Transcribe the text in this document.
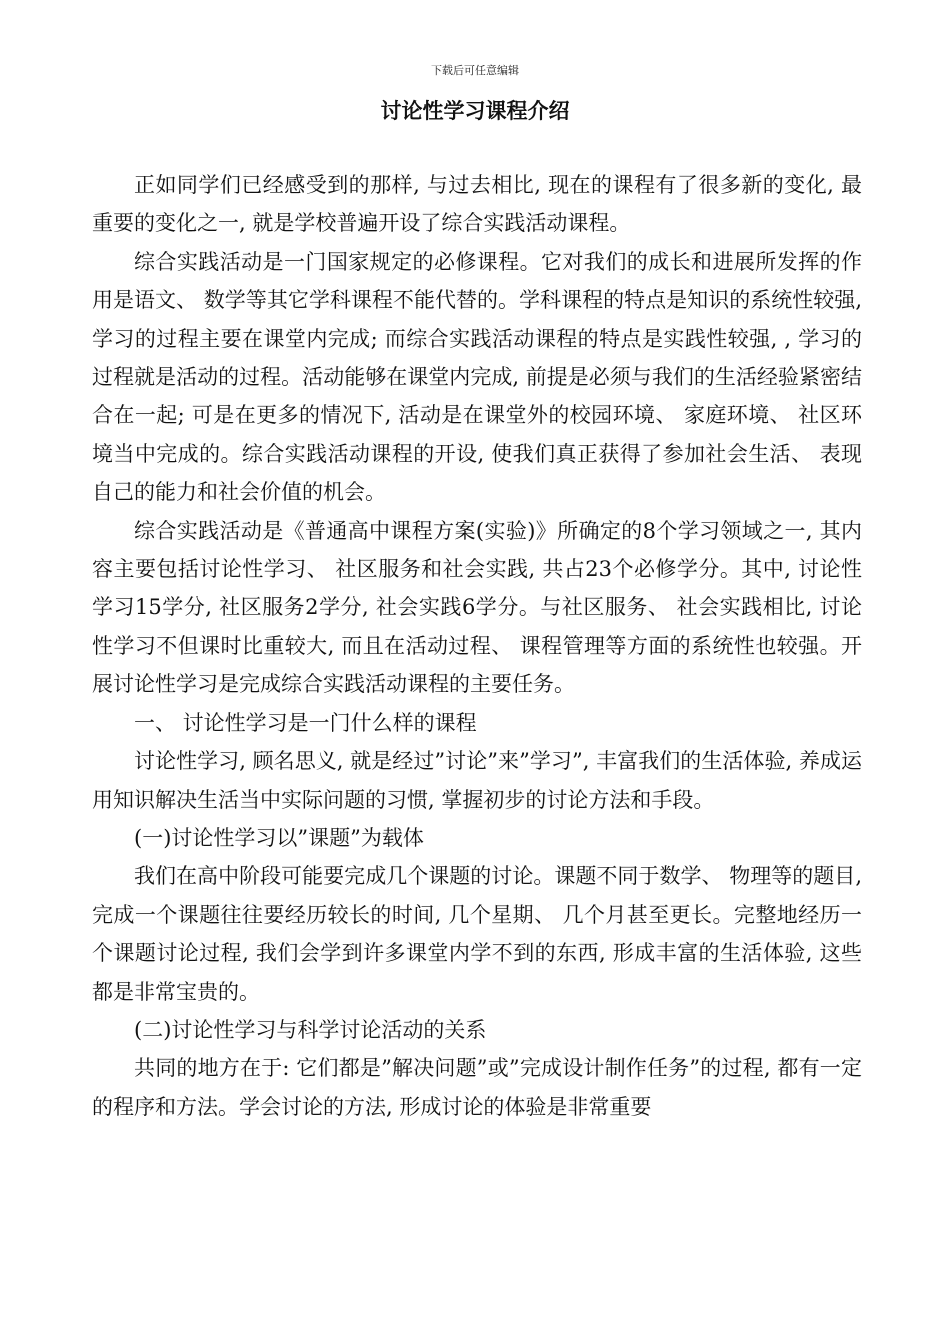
下载后可任意编辑
讨论性学习课程介绍

正如同学们已经感受到的那样, 与过去相比, 现在的课程有了很多新的变化, 最重要的变化之一, 就是学校普遍开设了综合实践活动课程。

综合实践活动是一门国家规定的必修课程。它对我们的成长和进展所发挥的作用是语文、 数学等其它学科课程不能代替的。学科课程的特点是知识的系统性较强, 学习的过程主要在课堂内完成; 而综合实践活动课程的特点是实践性较强, , 学习的过程就是活动的过程。活动能够在课堂内完成, 前提是必须与我们的生活经验紧密结合在一起; 可是在更多的情况下, 活动是在课堂外的校园环境、 家庭环境、 社区环境当中完成的。综合实践活动课程的开设, 使我们真正获得了参加社会生活、 表现自己的能力和社会价值的机会。

综合实践活动是《普通高中课程方案(实验)》所确定的8个学习领域之一, 其内容主要包括讨论性学习、 社区服务和社会实践, 共占23个必修学分。其中, 讨论性学习15学分, 社区服务2学分, 社会实践6学分。与社区服务、 社会实践相比, 讨论性学习不但课时比重较大, 而且在活动过程、 课程管理等方面的系统性也较强。开展讨论性学习是完成综合实践活动课程的主要任务。

一、 讨论性学习是一门什么样的课程

讨论性学习, 顾名思义, 就是经过”讨论”来”学习”, 丰富我们的生活体验, 养成运用知识解决生活当中实际问题的习惯, 掌握初步的讨论方法和手段。

(一)讨论性学习以”课题”为载体

我们在高中阶段可能要完成几个课题的讨论。课题不同于数学、 物理等的题目, 完成一个课题往往要经历较长的时间, 几个星期、 几个月甚至更长。完整地经历一个课题讨论过程, 我们会学到许多课堂内学不到的东西, 形成丰富的生活体验, 这些都是非常宝贵的。

(二)讨论性学习与科学讨论活动的关系

共同的地方在于: 它们都是”解决问题”或”完成设计制作任务”的过程, 都有一定的程序和方法。学会讨论的方法, 形成讨论的体验是非常重要
